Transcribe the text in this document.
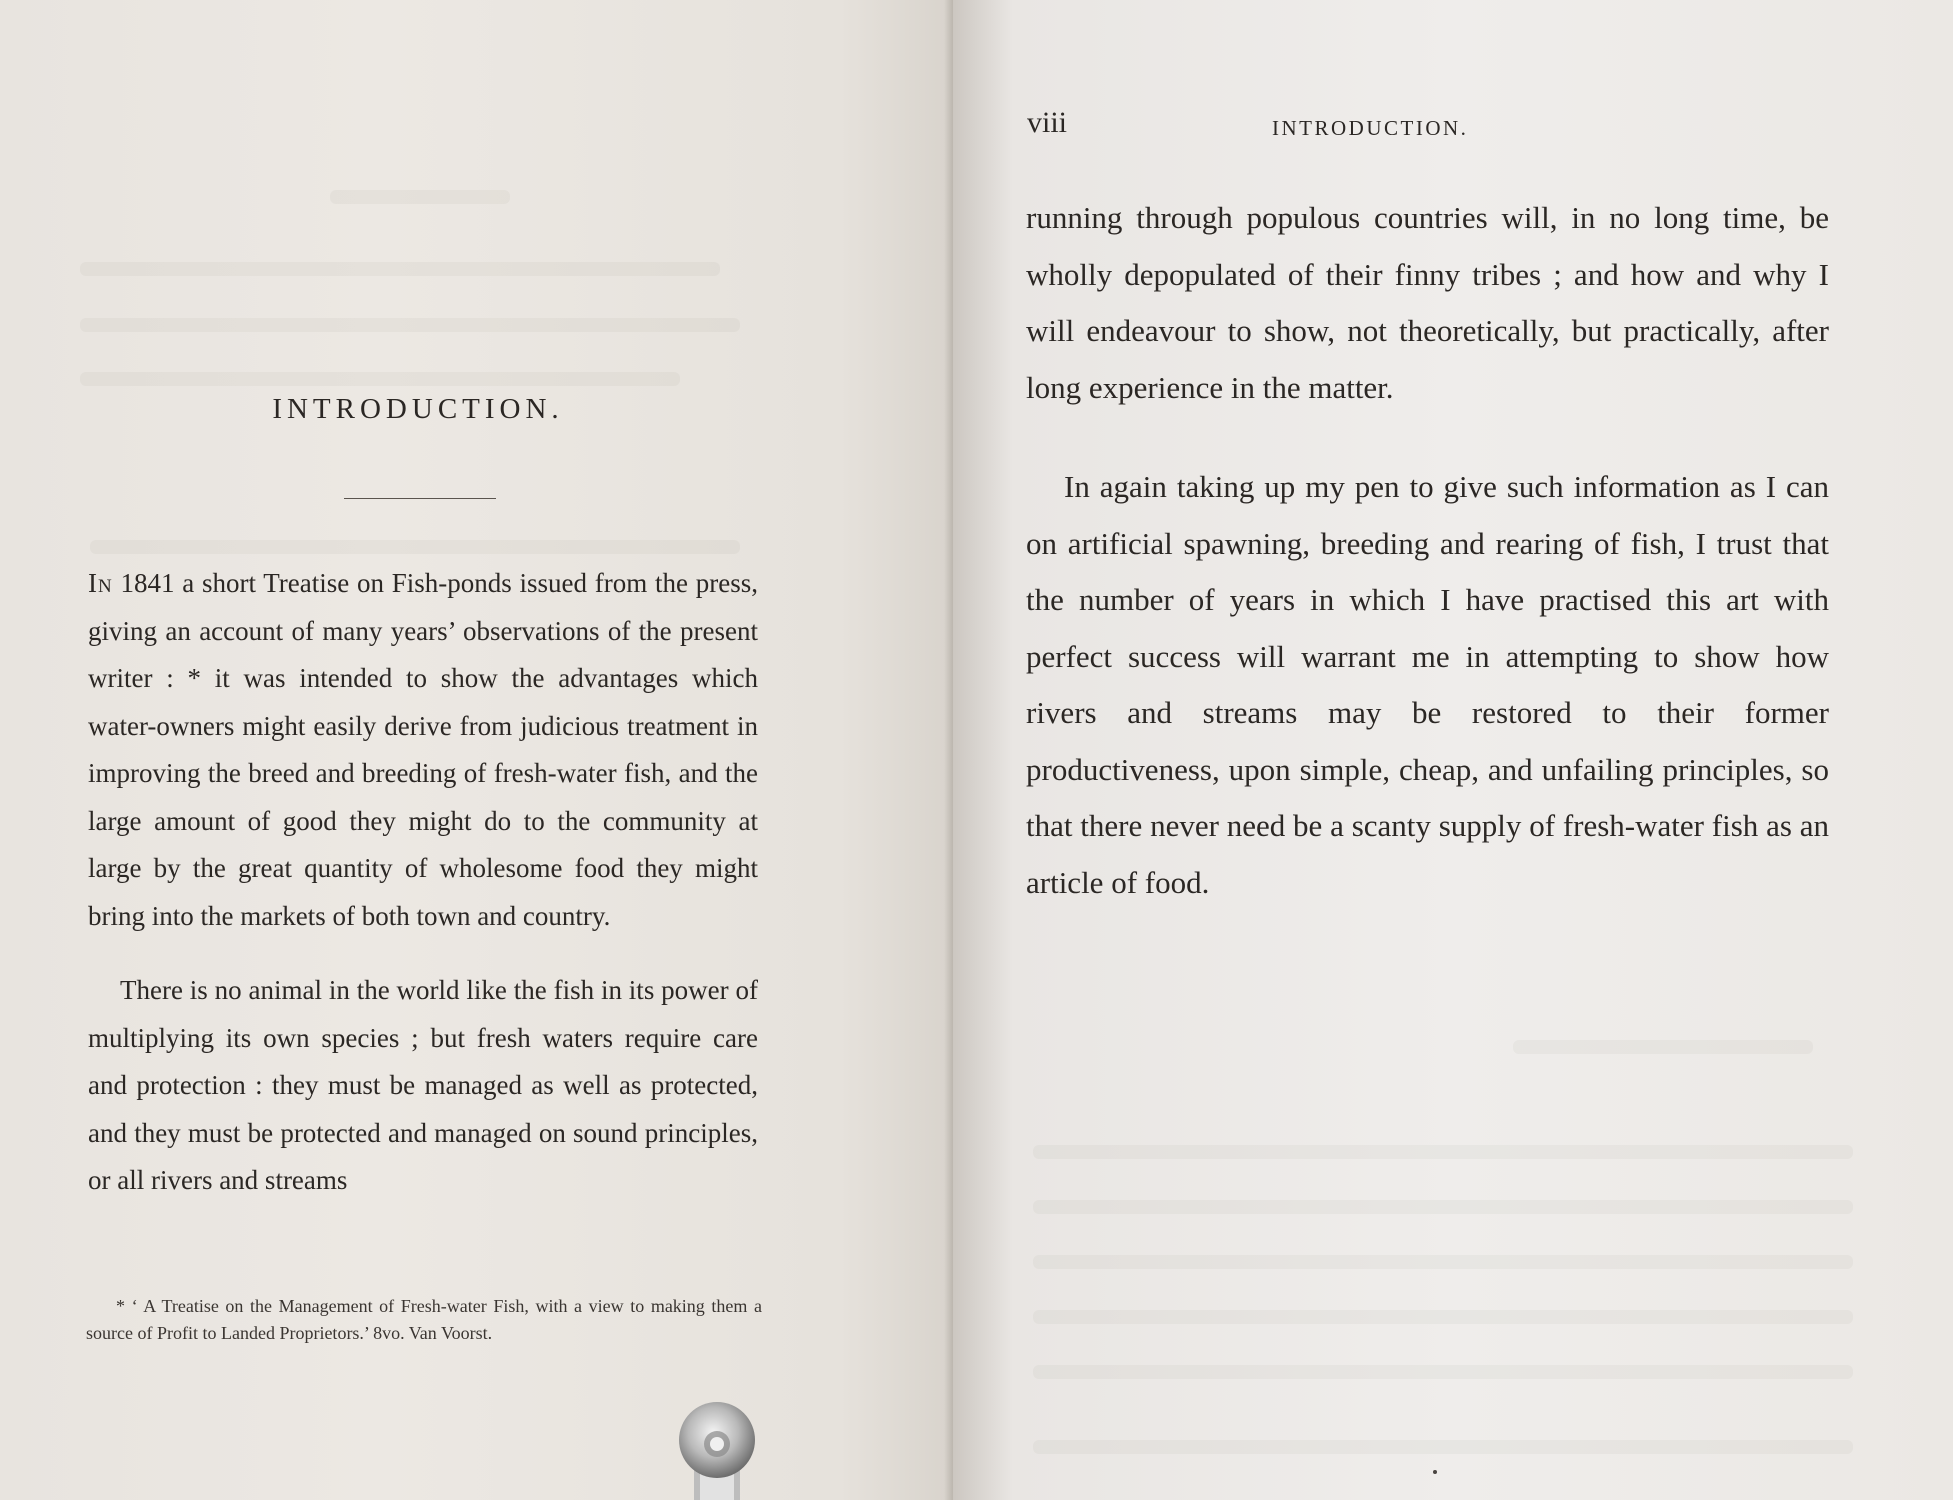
INTRODUCTION.

In 1841 a short Treatise on Fish-ponds issued from the press, giving an account of many years’ observations of the present writer : * it was intended to show the advantages which water-owners might easily derive from judicious treatment in improving the breed and breeding of fresh-water fish, and the large amount of good they might do to the community at large by the great quantity of wholesome food they might bring into the markets of both town and country.

There is no animal in the world like the fish in its power of multiplying its own species ; but fresh waters require care and protection : they must be managed as well as protected, and they must be protected and managed on sound principles, or all rivers and streams

* ‘ A Treatise on the Management of Fresh-water Fish, with a view to making them a source of Profit to Landed Proprietors.’ 8vo. Van Voorst.

viii	INTRODUCTION.

running through populous countries will, in no long time, be wholly depopulated of their finny tribes ; and how and why I will endeavour to show, not theoretically, but practically, after long experience in the matter.

In again taking up my pen to give such information as I can on artificial spawning, breeding and rearing of fish, I trust that the number of years in which I have practised this art with perfect success will warrant me in attempting to show how rivers and streams may be restored to their former productiveness, upon simple, cheap, and unfailing principles, so that there never need be a scanty supply of fresh-water fish as an article of food.
